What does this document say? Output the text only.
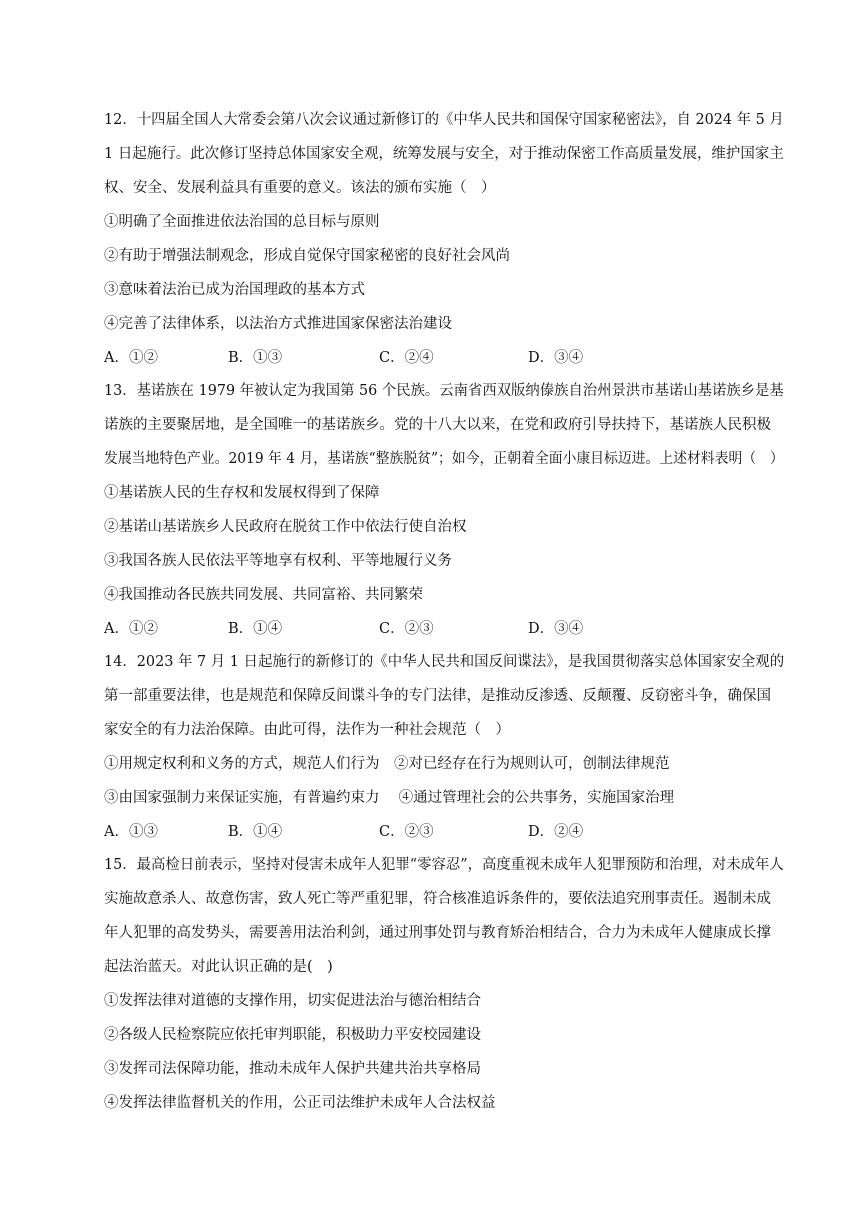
12．十四届全国人大常委会第八次会议通过新修订的《中华人民共和国保守国家秘密法》，自 2024 年 5 月
1 日起施行。此次修订坚持总体国家安全观，统筹发展与安全，对于推动保密工作高质量发展，维护国家主
权、安全、发展利益具有重要的意义。该法的颁布实施（　）
①明确了全面推进依法治国的总目标与原则
②有助于增强法制观念，形成自觉保守国家秘密的良好社会风尚
③意味着法治已成为治国理政的基本方式
④完善了法律体系，以法治方式推进国家保密法治建设
A．①②	B．①③	C．②④	D．③④
13．基诺族在 1979 年被认定为我国第 56 个民族。云南省西双版纳傣族自治州景洪市基诺山基诺族乡是基
诺族的主要聚居地，是全国唯一的基诺族乡。党的十八大以来，在党和政府引导扶持下，基诺族人民积极
发展当地特色产业。2019 年 4 月，基诺族“整族脱贫”；如今，正朝着全面小康目标迈进。上述材料表明（　）
①基诺族人民的生存权和发展权得到了保障
②基诺山基诺族乡人民政府在脱贫工作中依法行使自治权
③我国各族人民依法平等地享有权利、平等地履行义务
④我国推动各民族共同发展、共同富裕、共同繁荣
A．①②	B．①④	C．②③	D．③④
14．2023 年 7 月 1 日起施行的新修订的《中华人民共和国反间谍法》，是我国贯彻落实总体国家安全观的
第一部重要法律，也是规范和保障反间谍斗争的专门法律，是推动反渗透、反颠覆、反窃密斗争，确保国
家安全的有力法治保障。由此可得，法作为一种社会规范（　）
①用规定权利和义务的方式，规范人们行为　②对已经存在行为规则认可，创制法律规范
③由国家强制力来保证实施，有普遍约束力　 ④通过管理社会的公共事务，实施国家治理
A．①③	B．①④	C．②③	D．②④
15．最高检日前表示，坚持对侵害未成年人犯罪“零容忍”，高度重视未成年人犯罪预防和治理，对未成年人
实施故意杀人、故意伤害，致人死亡等严重犯罪，符合核准追诉条件的，要依法追究刑事责任。遏制未成
年人犯罪的高发势头，需要善用法治利剑，通过刑事处罚与教育矫治相结合，合力为未成年人健康成长撑
起法治蓝天。对此认识正确的是(　)
①发挥法律对道德的支撑作用，切实促进法治与德治相结合
②各级人民检察院应依托审判职能，积极助力平安校园建设
③发挥司法保障功能，推动未成年人保护共建共治共享格局
④发挥法律监督机关的作用，公正司法维护未成年人合法权益
